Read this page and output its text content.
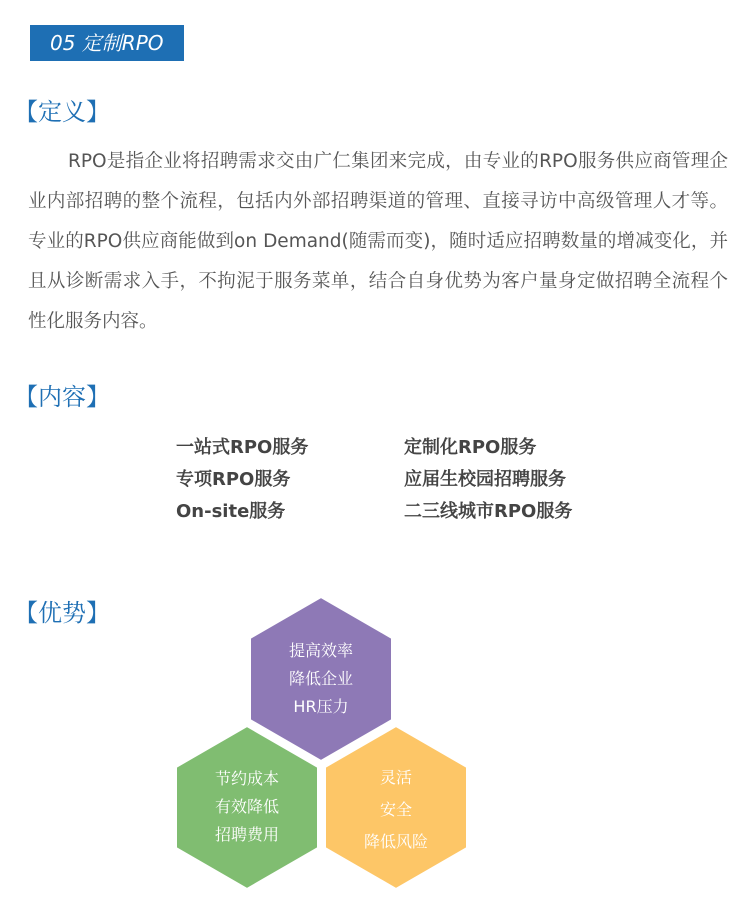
05 定制RPO
【定义】

RPO是指企业将招聘需求交由广仁集团来完成，由专业的RPO服务供应商管理企业内部招聘的整个流程，包括内外部招聘渠道的管理、直接寻访中高级管理人才等。专业的RPO供应商能做到on Demand(随需而变)，随时适应招聘数量的增减变化，并且从诊断需求入手，不拘泥于服务菜单，结合自身优势为客户量身定做招聘全流程个性化服务内容。

【内容】
一站式RPO服务	定制化RPO服务
专项RPO服务	应届生校园招聘服务
On-site服务	二三线城市RPO服务
【优势】
提高效率
降低企业
HR压力
节约成本
有效降低
招聘费用
灵活
安全
降低风险
